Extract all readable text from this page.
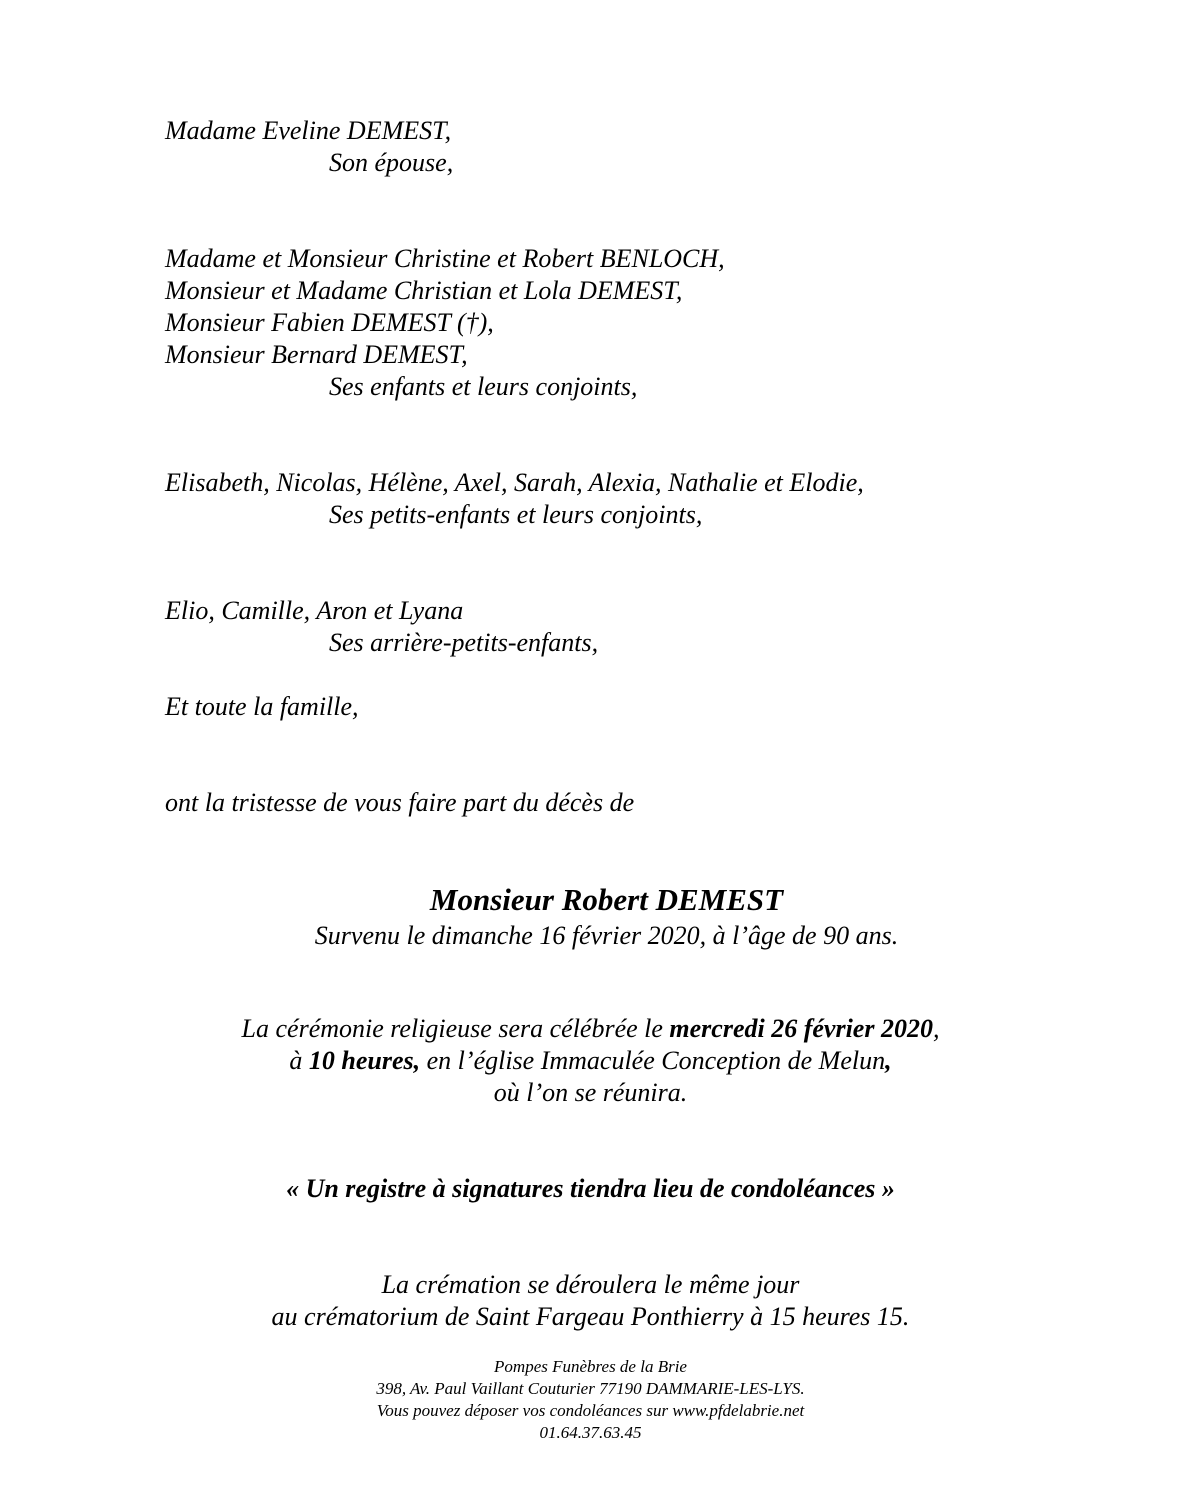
Madame Eveline DEMEST,
Son épouse,
Madame et Monsieur Christine et Robert BENLOCH,
Monsieur et Madame Christian et Lola DEMEST,
Monsieur Fabien DEMEST (†),
Monsieur Bernard DEMEST,
Ses enfants et leurs conjoints,
Elisabeth, Nicolas, Hélène, Axel, Sarah, Alexia, Nathalie et Elodie,
Ses petits-enfants et leurs conjoints,
Elio, Camille, Aron et Lyana
Ses arrière-petits-enfants,
Et toute la famille,
ont la tristesse de vous faire part du décès de
Monsieur Robert DEMEST
Survenu le dimanche 16 février 2020, à l’âge de 90 ans.
La cérémonie religieuse sera célébrée le mercredi 26 février 2020,
à 10 heures, en l’église Immaculée Conception de Melun,
où l’on se réunira.
« Un registre à signatures tiendra lieu de condoléances »
La crémation se déroulera le même jour
au crématorium de Saint Fargeau Ponthierry à 15 heures 15.
Pompes Funèbres de la Brie
398, Av. Paul Vaillant Couturier 77190 DAMMARIE-LES-LYS.
Vous pouvez déposer vos condoléances sur www.pfdelabrie.net
01.64.37.63.45
